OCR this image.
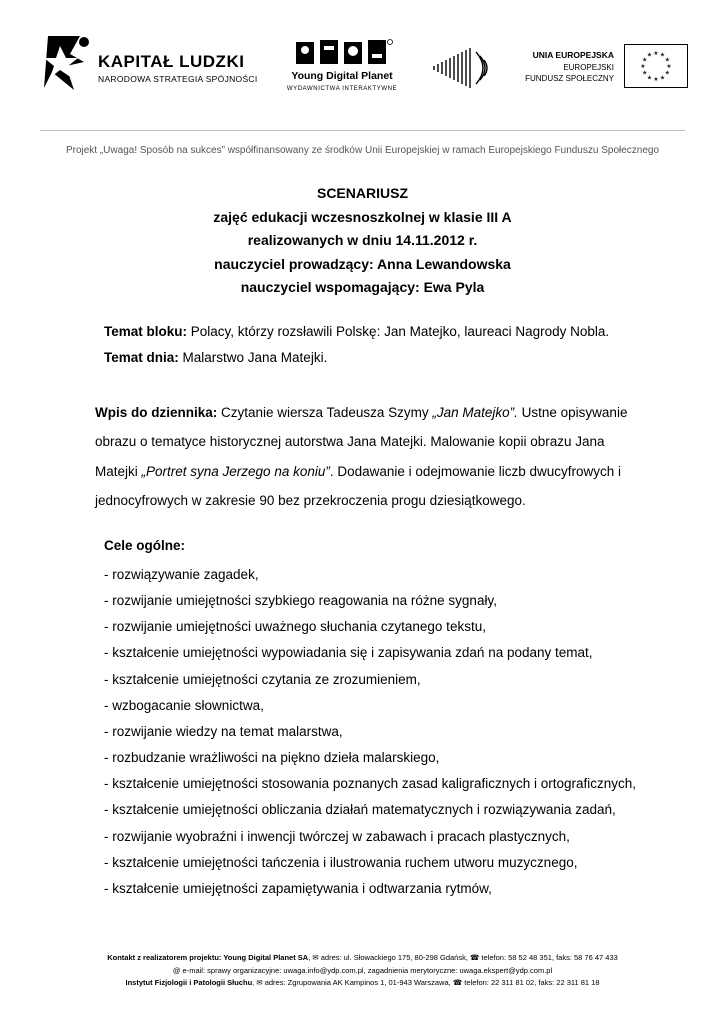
KAPITAŁ LUDZKI
NARODOWA STRATEGIA SPÓJNOŚCI	Young Digital Planet
WYDAWNICTWA INTERAKTYWNE
UNIA EUROPEJSKA
EUROPEJSKI
FUNDUSZ SPOŁECZNY
★ ★
★
★
★
★
★
★
★
★
★
★
Projekt „Uwaga! Sposób na sukces” współfinansowany ze środków Unii Europejskiej w ramach Europejskiego Funduszu Społecznego
SCENARIUSZ
zajęć edukacji wczesnoszkolnej w klasie III A
realizowanych w dniu 14.11.2012 r.
nauczyciel prowadzący: Anna Lewandowska
nauczyciel wspomagający: Ewa Pyla
Temat bloku: Polacy, którzy rozsławili Polskę: Jan Matejko, laureaci Nagrody Nobla.
Temat dnia: Malarstwo Jana Matejki.
Wpis do dziennika: Czytanie wiersza Tadeusza Szymy „Jan Matejko”. Ustne opisywanie
obrazu o tematyce historycznej autorstwa Jana Matejki. Malowanie kopii obrazu Jana
Matejki „Portret syna Jerzego na koniu”. Dodawanie i odejmowanie liczb dwucyfrowych i
jednocyfrowych w zakresie 90 bez przekroczenia progu dziesiątkowego.
Cele ogólne:
- rozwiązywanie zagadek,
- rozwijanie umiejętności szybkiego reagowania na różne sygnały,
- rozwijanie umiejętności uważnego słuchania czytanego tekstu,
- kształcenie umiejętności wypowiadania się i zapisywania zdań na podany temat,
- kształcenie umiejętności czytania ze zrozumieniem,
- wzbogacanie słownictwa,
- rozwijanie wiedzy na temat malarstwa,
- rozbudzanie wrażliwości na piękno dzieła malarskiego,
- kształcenie umiejętności stosowania poznanych zasad kaligraficznych i ortograficznych,
- kształcenie umiejętności obliczania działań matematycznych i rozwiązywania zadań,
- rozwijanie wyobraźni i inwencji twórczej w zabawach i pracach plastycznych,
- kształcenie umiejętności tańczenia i ilustrowania ruchem utworu muzycznego,
- kształcenie umiejętności zapamiętywania i odtwarzania rytmów,
Kontakt z realizatorem projektu: Young Digital Planet SA, ✉ adres: ul. Słowackiego 175, 80-298 Gdańsk, ☎ telefon: 58 52 48 351, faks: 58 76 47 433
@ e-mail: sprawy organizacyjne: uwaga.info@ydp.com.pl, zagadnienia merytoryczne: uwaga.ekspert@ydp.com.pl
Instytut Fizjologii i Patologii Słuchu, ✉ adres: Zgrupowania AK Kampinos 1, 01-943 Warszawa, ☎ telefon: 22 311 81 02, faks: 22 311 81 18
